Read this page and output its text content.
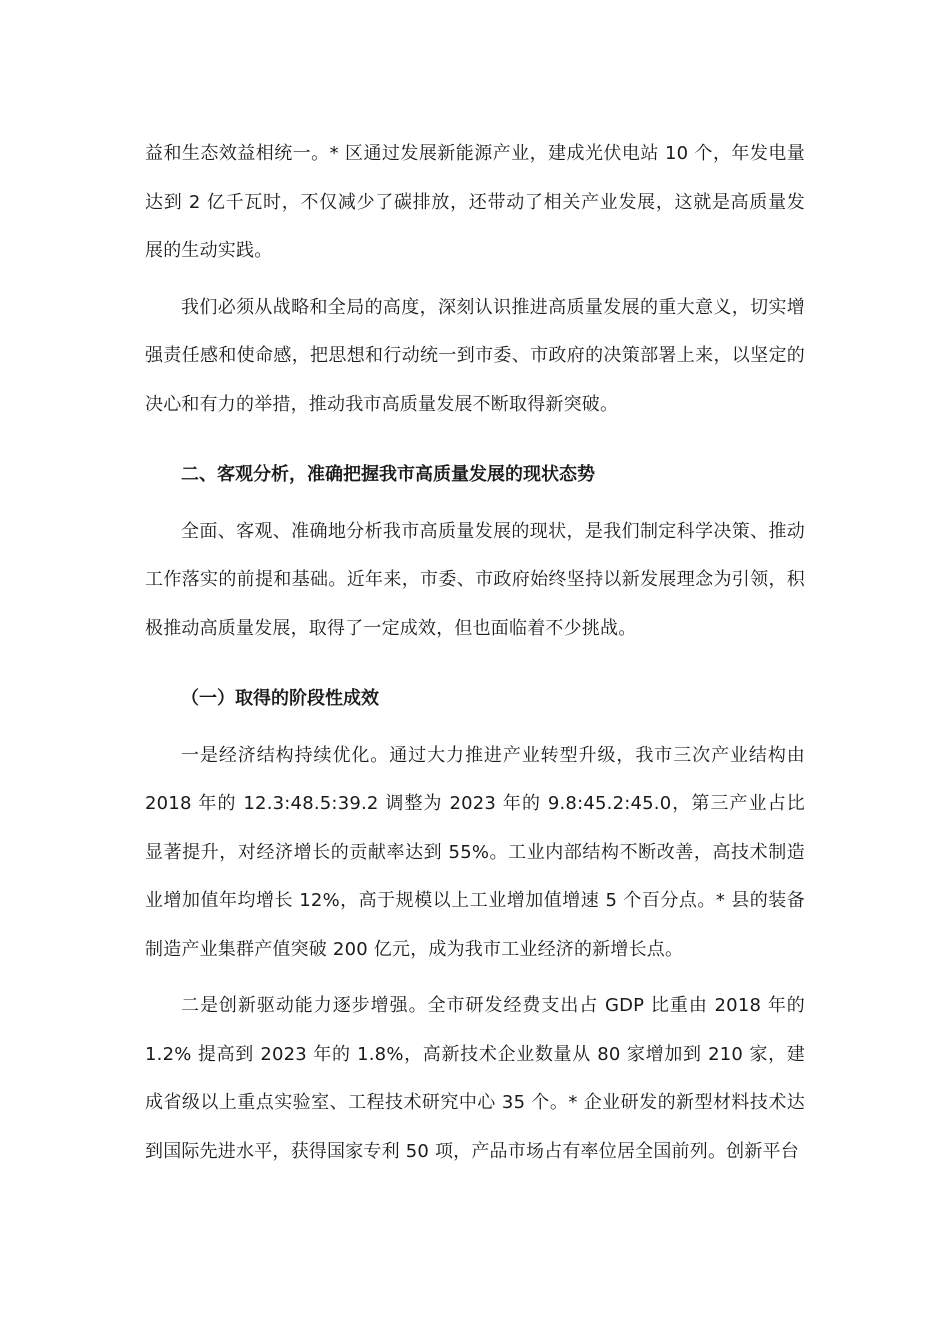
益和生态效益相统一。* 区通过发展新能源产业，建成光伏电站 10 个，年发电量达到 2 亿千瓦时，不仅减少了碳排放，还带动了相关产业发展，这就是高质量发展的生动实践。

我们必须从战略和全局的高度，深刻认识推进高质量发展的重大意义，切实增强责任感和使命感，把思想和行动统一到市委、市政府的决策部署上来，以坚定的决心和有力的举措，推动我市高质量发展不断取得新突破。

二、客观分析，准确把握我市高质量发展的现状态势

全面、客观、准确地分析我市高质量发展的现状，是我们制定科学决策、推动工作落实的前提和基础。近年来，市委、市政府始终坚持以新发展理念为引领，积极推动高质量发展，取得了一定成效，但也面临着不少挑战。

（一）取得的阶段性成效

一是经济结构持续优化。通过大力推进产业转型升级，我市三次产业结构由 2018 年的 12.3:48.5:39.2 调整为 2023 年的 9.8:45.2:45.0，第三产业占比显著提升，对经济增长的贡献率达到 55%。工业内部结构不断改善，高技术制造业增加值年均增长 12%，高于规模以上工业增加值增速 5 个百分点。* 县的装备制造产业集群产值突破 200 亿元，成为我市工业经济的新增长点。

二是创新驱动能力逐步增强。全市研发经费支出占 GDP 比重由 2018 年的 1.2% 提高到 2023 年的 1.8%，高新技术企业数量从 80 家增加到 210 家，建成省级以上重点实验室、工程技术研究中心 35 个。* 企业研发的新型材料技术达到国际先进水平，获得国家专利 50 项，产品市场占有率位居全国前列。创新平台
